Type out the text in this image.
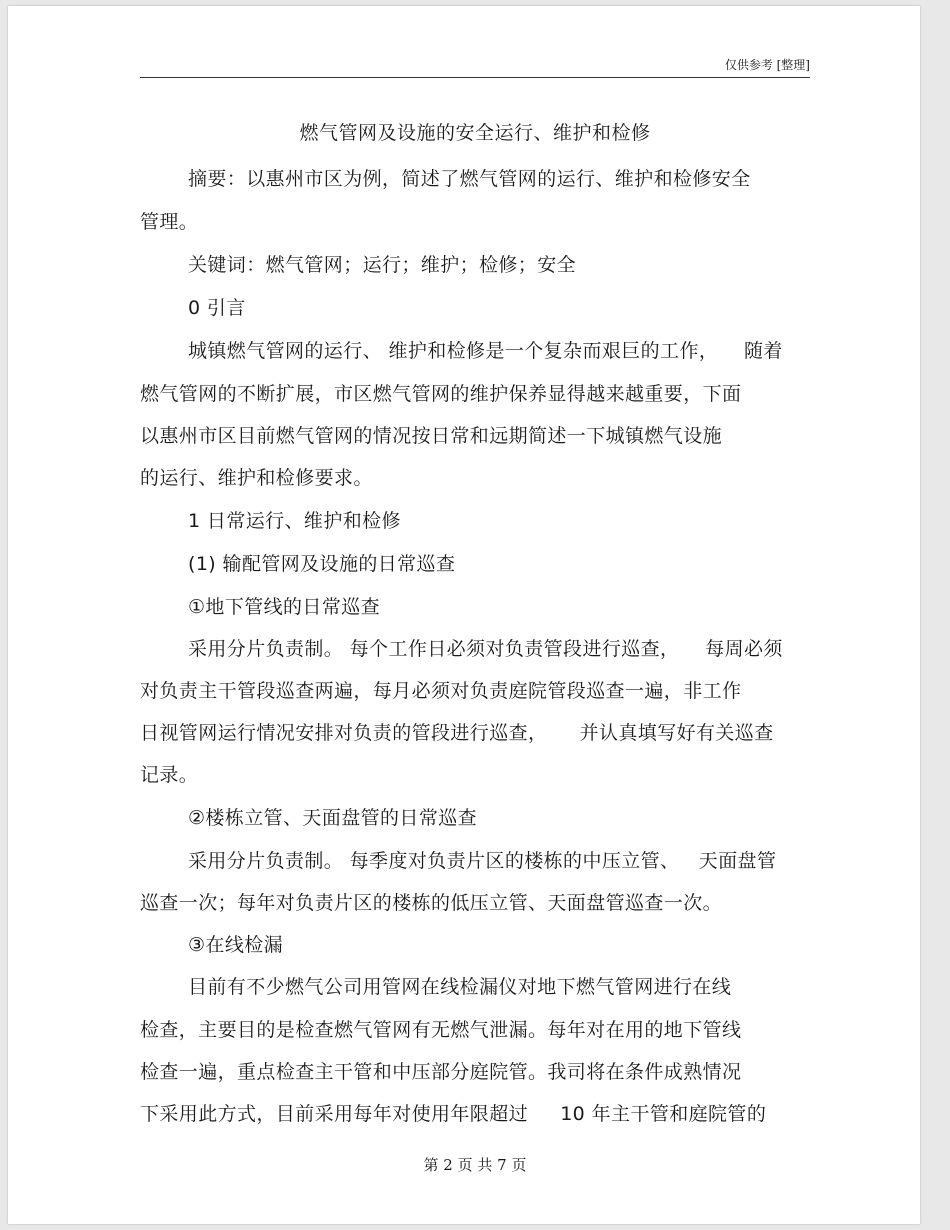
仅供参考 [整理]
燃气管网及设施的安全运行、维护和检修
摘要：以惠州市区为例，简述了燃气管网的运行、维护和检修安全
管理。
关键词：燃气管网；运行；维护；检修；安全
0 引言
城镇燃气管网的运行、 维护和检修是一个复杂而艰巨的工作，    随着
燃气管网的不断扩展，市区燃气管网的维护保养显得越来越重要，下面
以惠州市区目前燃气管网的情况按日常和远期简述一下城镇燃气设施
的运行、维护和检修要求。
1 日常运行、维护和检修
(1) 输配管网及设施的日常巡查
①地下管线的日常巡查
采用分片负责制。 每个工作日必须对负责管段进行巡查，    每周必须
对负责主干管段巡查两遍，每月必须对负责庭院管段巡查一遍，非工作
日视管网运行情况安排对负责的管段进行巡查，     并认真填写好有关巡查
记录。
②楼栋立管、天面盘管的日常巡查
采用分片负责制。 每季度对负责片区的楼栋的中压立管、   天面盘管
巡查一次；每年对负责片区的楼栋的低压立管、天面盘管巡查一次。
③在线检漏
目前有不少燃气公司用管网在线检漏仪对地下燃气管网进行在线
检查，主要目的是检查燃气管网有无燃气泄漏。每年对在用的地下管线
检查一遍，重点检查主干管和中压部分庭院管。我司将在条件成熟情况
下采用此方式，目前采用每年对使用年限超过     10 年主干管和庭院管的
第 2 页 共 7 页
